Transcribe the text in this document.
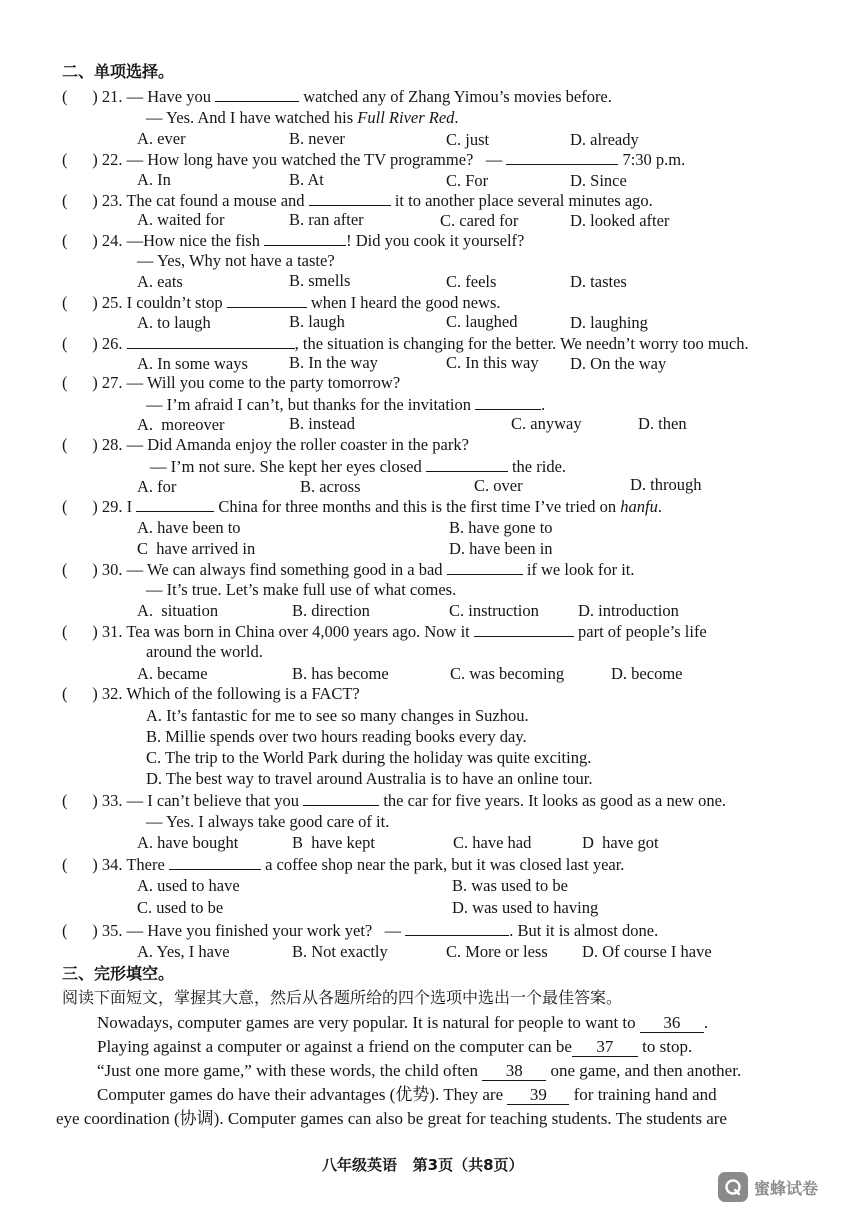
二、单项选择。
(      ) 21. — Have you	watched any of Zhang Yimou’s movies before.
— Yes. And I have watched his Full River Red.
A. ever	B. never	C. just	D. already
(      ) 22. — How long have you watched the TV programme?   —	7:30 p.m.
A. In	B. At	C. For	D. Since
(      ) 23. The cat found a mouse and	it to another place several minutes ago.
A. waited for	B. ran after	C. cared for	D. looked after
(      ) 24. —How nice the fish	! Did you cook it yourself?
— Yes, Why not have a taste?
A. eats	B. smells	C. feels	D. tastes
(      ) 25. I couldn’t stop	when I heard the good news.
A. to laugh	B. laugh	C. laughed	D. laughing
(      ) 26.	, the situation is changing for the better. We needn’t worry too much.
A. In some ways B. In the way	C. In this way D. On the way
(      ) 27. — Will you come to the party tomorrow?
— I’m afraid I can’t, but thanks for the invitation	.
A.  moreover	B. instead	C. anyway	D. then
(      ) 28. — Did Amanda enjoy the roller coaster in the park?
— I’m not sure. She kept her eyes closed	the ride.
A. for	B. across	C. over	D. through
(      ) 29. I	China for three months and this is the first time I’ve tried on hanfu.
A. have been to	B. have gone to
C  have arrived in	D. have been in
(      ) 30. — We can always find something good in a bad	if we look for it.
— It’s true. Let’s make full use of what comes.
A.  situation	B. direction	C. instruction D. introduction
(      ) 31. Tea was born in China over 4,000 years ago. Now it	part of people’s life
around the world.
A. became	B. has become	C. was becoming	D. become
(      ) 32. Which of the following is a FACT?
A. It’s fantastic for me to see so many changes in Suzhou.
B. Millie spends over two hours reading books every day.
C. The trip to the World Park during the holiday was quite exciting.
D. The best way to travel around Australia is to have an online tour.
(      ) 33. — I can’t believe that you	the car for five years. It looks as good as a new one.
— Yes. I always take good care of it.
A. have bought	B  have kept	C. have had	D  have got
(      ) 34. There	a coffee shop near the park, but it was closed last year.
A. used to have	B. was used to be
C. used to be	D. was used to having
(      ) 35. — Have you finished your work yet?   —	. But it is almost done.
A. Yes, I have	B. Not exactly	C. More or less D. Of course I have
三、完形填空。
阅读下面短文，掌握其大意，然后从各题所给的四个选项中选出一个最佳答案。
Nowadays, computer games are very popular. It is natural for people to want to 36 .
Playing against a computer or against a friend on the computer can be 37 to stop.
“Just one more game,” with these words, the child often 38 one game, and then another.
Computer games do have their advantages (优势). They are 39 for training hand and
eye coordination (协调). Computer games can also be great for teaching students. The students are
八年级英语   第3页（共8页）
蜜蜂试卷
